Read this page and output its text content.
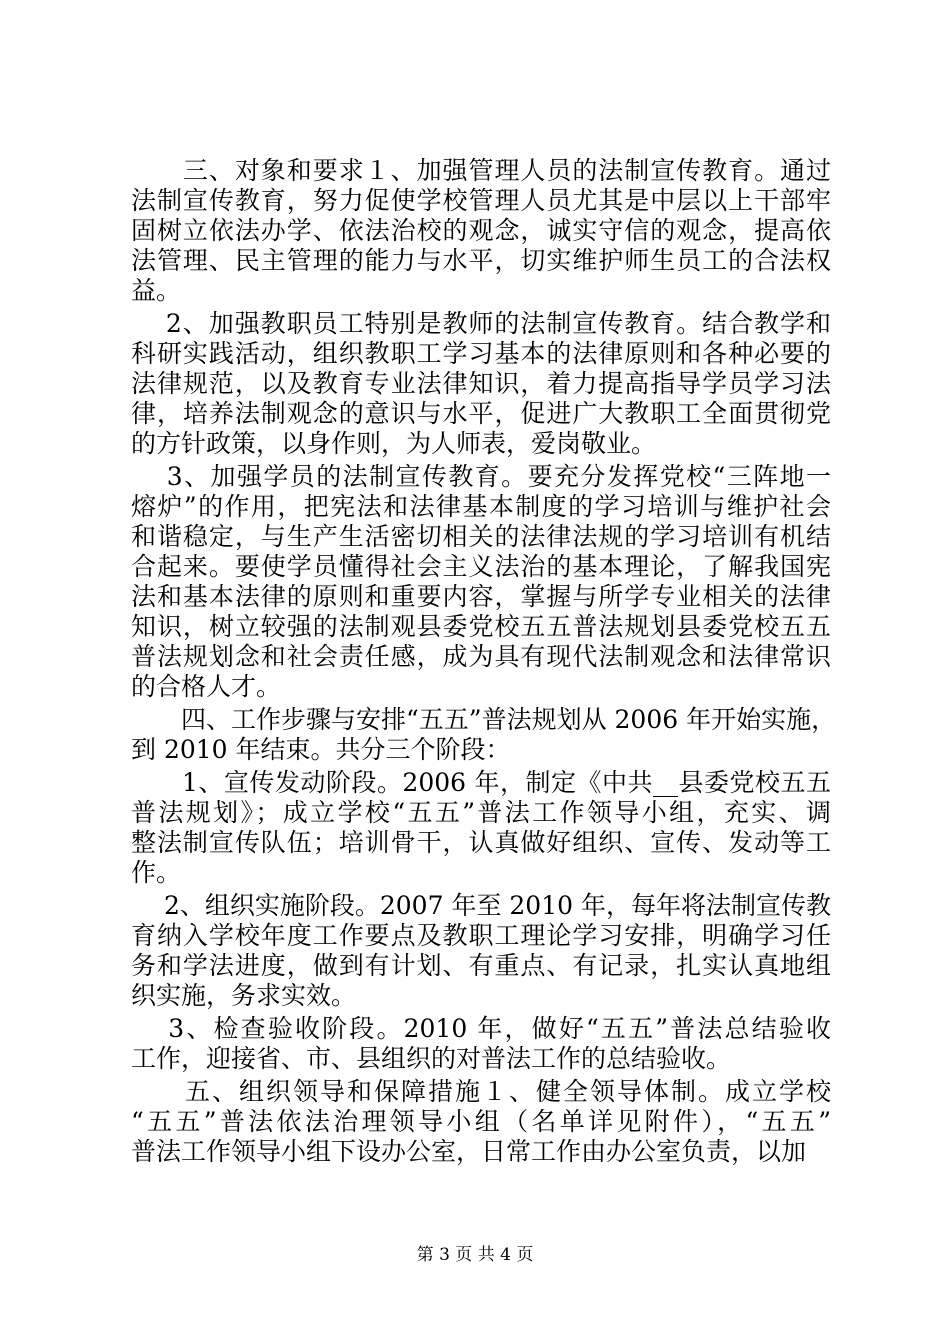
　　三、对象和要求１、加强管理人员的法制宣传教育。通过
法制宣传教育，努力促使学校管理人员尤其是中层以上干部牢
固树立依法办学、依法治校的观念，诚实守信的观念，提高依
法管理、民主管理的能力与水平，切实维护师生员工的合法权
益。
　 2、加强教职员工特别是教师的法制宣传教育。结合教学和
科研实践活动，组织教职工学习基本的法律原则和各种必要的
法律规范，以及教育专业法律知识，着力提高指导学员学习法
律，培养法制观念的意识与水平，促进广大教职工全面贯彻党
的方针政策，以身作则，为人师表，爱岗敬业。
　 3、加强学员的法制宣传教育。要充分发挥党校“三阵地一
熔炉”的作用，把宪法和法律基本制度的学习培训与维护社会
和谐稳定，与生产生活密切相关的法律法规的学习培训有机结
合起来。要使学员懂得社会主义法治的基本理论，了解我国宪
法和基本法律的原则和重要内容，掌握与所学专业相关的法律
知识，树立较强的法制观县委党校五五普法规划县委党校五五
普法规划念和社会责任感，成为具有现代法制观念和法律常识
的合格人才。
　　四、工作步骤与安排“五五”普法规划从 2006 年开始实施，
到 2010 年结束。共分三个阶段：
　　1、宣传发动阶段。2006 年，制定《中共__县委党校五五
普法规划》；成立学校“五五”普法工作领导小组，充实、调
整法制宣传队伍；培训骨干，认真做好组织、宣传、发动等工
作。
　 2、组织实施阶段。2007 年至 2010 年，每年将法制宣传教
育纳入学校年度工作要点及教职工理论学习安排，明确学习任
务和学法进度，做到有计划、有重点、有记录，扎实认真地组
织实施，务求实效。
　 3、检查验收阶段。2010 年，做好“五五”普法总结验收
工作，迎接省、市、县组织的对普法工作的总结验收。
　　五、组织领导和保障措施１、健全领导体制。成立学校
“五五”普法依法治理领导小组（名单详见附件），“五五”
普法工作领导小组下设办公室，日常工作由办公室负责，以加
第 3 页 共 4 页
